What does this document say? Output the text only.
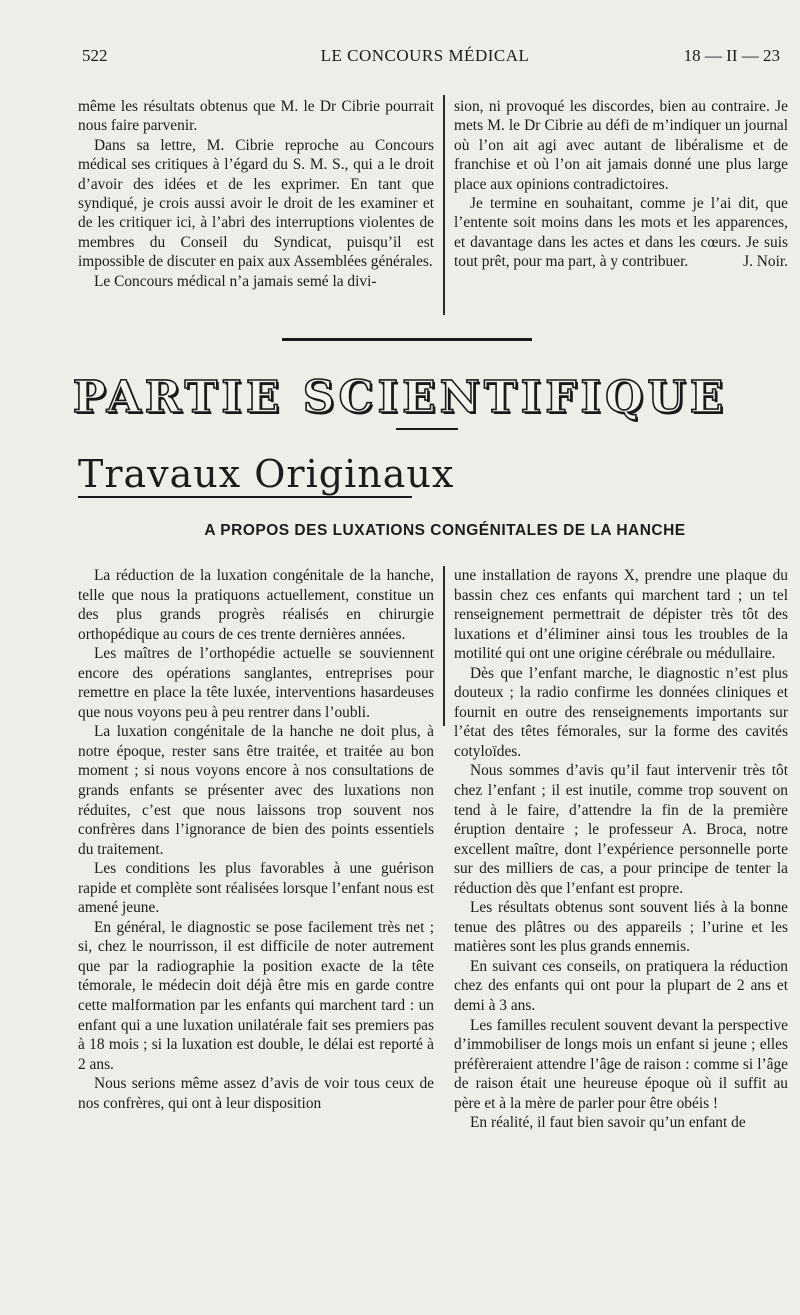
522	LE CONCOURS MÉDICAL	18 — II — 23

même les résultats obtenus que M. le Dr Cibrie pourrait nous faire parvenir.

Dans sa lettre, M. Cibrie reproche au Concours médical ses critiques à l’égard du S. M. S., qui a le droit d’avoir des idées et de les exprimer. En tant que syndiqué, je crois aussi avoir le droit de les examiner et de les critiquer ici, à l’abri des interruptions violentes de membres du Conseil du Syndicat, puisqu’il est impossible de discuter en paix aux Assemblées générales.

Le Concours médical n’a jamais semé la divi-

sion, ni provoqué les discordes, bien au contraire. Je mets M. le Dr Cibrie au défi de m’indiquer un journal où l’on ait agi avec autant de libéralisme et de franchise et où l’on ait jamais donné une plus large place aux opinions contradictoires.

Je termine en souhaitant, comme je l’ai dit, que l’entente soit moins dans les mots et les apparences, et davantage dans les actes et dans les cœurs. Je suis tout prêt, pour ma part, à y contribuer.	J. Noir.

PARTIE SCIENTIFIQUE
Travaux Originaux
A PROPOS DES LUXATIONS CONGÉNITALES DE LA HANCHE

La réduction de la luxation congénitale de la hanche, telle que nous la pratiquons actuellement, constitue un des plus grands progrès réalisés en chirurgie orthopédique au cours de ces trente dernières années.

Les maîtres de l’orthopédie actuelle se souviennent encore des opérations sanglantes, entreprises pour remettre en place la tête luxée, interventions hasardeuses que nous voyons peu à peu rentrer dans l’oubli.

La luxation congénitale de la hanche ne doit plus, à notre époque, rester sans être traitée, et traitée au bon moment ; si nous voyons encore à nos consultations de grands enfants se présenter avec des luxations non réduites, c’est que nous laissons trop souvent nos confrères dans l’ignorance de bien des points essentiels du traitement.

Les conditions les plus favorables à une guérison rapide et complète sont réalisées lorsque l’enfant nous est amené jeune.

En général, le diagnostic se pose facilement très net ; si, chez le nourrisson, il est difficile de noter autrement que par la radiographie la position exacte de la tête témorale, le médecin doit déjà être mis en garde contre cette malformation par les enfants qui marchent tard : un enfant qui a une luxation unilatérale fait ses premiers pas à 18 mois ; si la luxation est double, le délai est reporté à 2 ans.

Nous serions même assez d’avis de voir tous ceux de nos confrères, qui ont à leur disposition

une installation de rayons X, prendre une plaque du bassin chez ces enfants qui marchent tard ; un tel renseignement permettrait de dépister très tôt des luxations et d’éliminer ainsi tous les troubles de la motilité qui ont une origine cérébrale ou médullaire.

Dès que l’enfant marche, le diagnostic n’est plus douteux ; la radio confirme les données cliniques et fournit en outre des renseignements importants sur l’état des têtes fémorales, sur la forme des cavités cotyloïdes.

Nous sommes d’avis qu’il faut intervenir très tôt chez l’enfant ; il est inutile, comme trop souvent on tend à le faire, d’attendre la fin de la première éruption dentaire ; le professeur A. Broca, notre excellent maître, dont l’expérience personnelle porte sur des milliers de cas, a pour principe de tenter la réduction dès que l’enfant est propre.

Les résultats obtenus sont souvent liés à la bonne tenue des plâtres ou des appareils ; l’urine et les matières sont les plus grands ennemis.

En suivant ces conseils, on pratiquera la réduction chez des enfants qui ont pour la plupart de 2 ans et demi à 3 ans.

Les familles reculent souvent devant la perspective d’immobiliser de longs mois un enfant si jeune ; elles préfèreraient attendre l’âge de raison : comme si l’âge de raison était une heureuse époque où il suffit au père et à la mère de parler pour être obéis !

En réalité, il faut bien savoir qu’un enfant de
